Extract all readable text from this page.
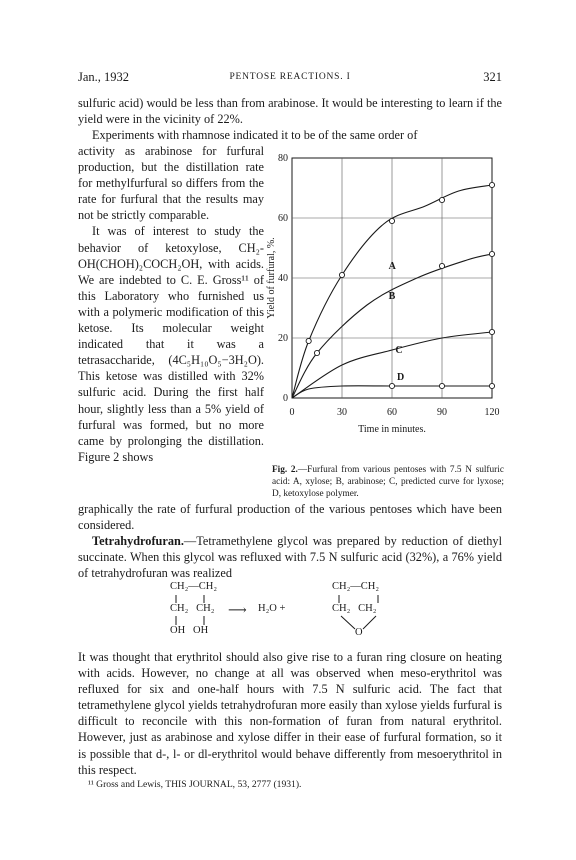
Jan., 1932	PENTOSE REACTIONS. I	321

sulfuric acid) would be less than from arabinose. It would be interesting to learn if the yield were in the vicinity of 22%.

Experiments with rhamnose indicated it to be of the same order of

activity as arabinose for furfural production, but the distillation rate for methylfurfural so differs from the rate for furfural that the results may not be strictly comparable.

It was of interest to study the behavior of ketoxylose, CH₂-OH(CHOH)₂COCH₂OH, with acids. We are indebted to C. E. Gross¹¹ of this Laboratory who furnished us with a polymeric modification of this ketose. Its molecular weight indicated that it was a tetrasaccharide, (4C₅H₁₀O₅−3H₂O). This ketose was distilled with 32% sulfuric acid. During the first half hour, slightly less than a 5% yield of furfural was formed, but no more came by prolonging the distillation. Figure 2 shows

A
B
C
D
0	30	60	90	120
0
20
40
60
80
Time in minutes.
Yield of furfural, %.
Fig. 2.—Furfural from various pentoses with 7.5 N sulfuric acid: A, xylose; B, arabinose; C, predicted curve for lyxose; D, ketoxylose polymer.

graphically the rate of furfural production of the various pentoses which have been considered.

Tetrahydrofuran.—Tetramethylene glycol was prepared by reduction of diethyl succinate. When this glycol was refluxed with 7.5 N sulfuric acid (32%), a 76% yield of tetrahydrofuran was realized

CH₂—CH₂
CH₂   CH₂
OH   OH
⟶ H₂O +
CH₂—CH₂
CH₂   CH₂
O

It was thought that erythritol should also give rise to a furan ring closure on heating with acids. However, no change at all was observed when meso-erythritol was refluxed for six and one-half hours with 7.5 N sulfuric acid. The fact that tetramethylene glycol yields tetrahydrofuran more easily than xylose yields furfural is difficult to reconcile with this non-formation of furan from natural erythritol. However, just as arabinose and xylose differ in their ease of furfural formation, so it is possible that d-, l- or dl-erythritol would behave differently from mesoerythritol in this respect.

¹¹ Gross and Lewis, THIS JOURNAL, 53, 2777 (1931).
